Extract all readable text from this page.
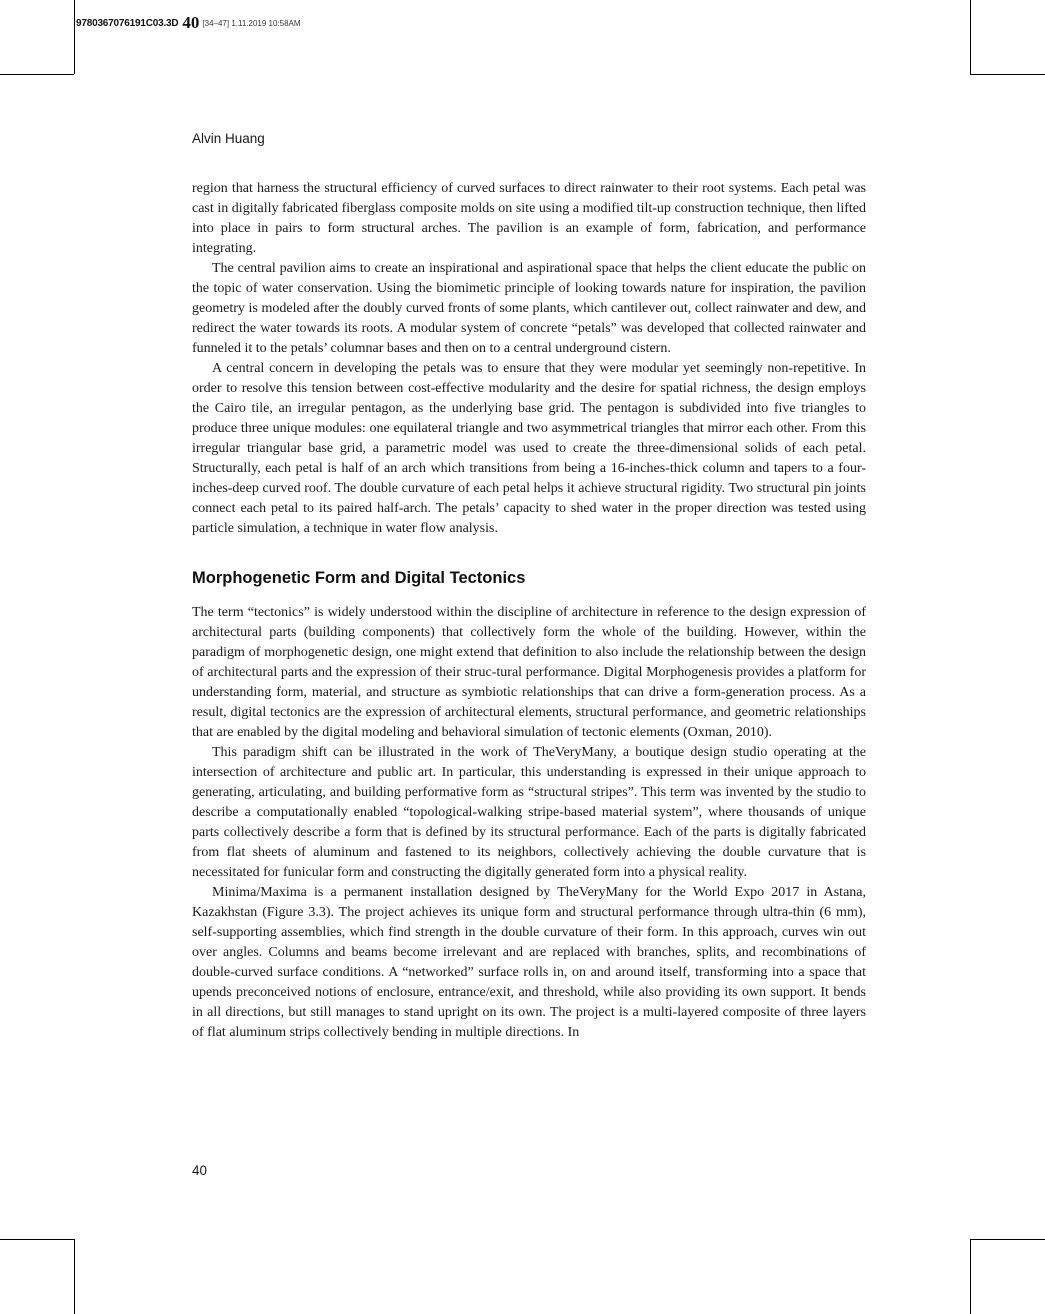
9780367076191C03.3D 40 [34–47] 1.11.2019 10:58AM
Alvin Huang

region that harness the structural efficiency of curved surfaces to direct rainwater to their root systems. Each petal was cast in digitally fabricated fiberglass composite molds on site using a modified tilt-up construction technique, then lifted into place in pairs to form structural arches. The pavilion is an example of form, fabrication, and performance integrating.

The central pavilion aims to create an inspirational and aspirational space that helps the client educate the public on the topic of water conservation. Using the biomimetic principle of looking towards nature for inspiration, the pavilion geometry is modeled after the doubly curved fronts of some plants, which cantilever out, collect rainwater and dew, and redirect the water towards its roots. A modular system of concrete “petals” was developed that collected rainwater and funneled it to the petals’ columnar bases and then on to a central underground cistern.

A central concern in developing the petals was to ensure that they were modular yet seemingly non-repetitive. In order to resolve this tension between cost-effective modularity and the desire for spatial richness, the design employs the Cairo tile, an irregular pentagon, as the underlying base grid. The pentagon is subdivided into five triangles to produce three unique modules: one equilateral triangle and two asymmetrical triangles that mirror each other. From this irregular triangular base grid, a parametric model was used to create the three-dimensional solids of each petal. Structurally, each petal is half of an arch which transitions from being a 16-inches-thick column and tapers to a four-inches-deep curved roof. The double curvature of each petal helps it achieve structural rigidity. Two structural pin joints connect each petal to its paired half-arch. The petals’ capacity to shed water in the proper direction was tested using particle simulation, a technique in water flow analysis.

Morphogenetic Form and Digital Tectonics

The term “tectonics” is widely understood within the discipline of architecture in reference to the design expression of architectural parts (building components) that collectively form the whole of the building. However, within the paradigm of morphogenetic design, one might extend that definition to also include the relationship between the design of architectural parts and the expression of their struc-tural performance. Digital Morphogenesis provides a platform for understanding form, material, and structure as symbiotic relationships that can drive a form-generation process. As a result, digital tectonics are the expression of architectural elements, structural performance, and geometric relationships that are enabled by the digital modeling and behavioral simulation of tectonic elements (Oxman, 2010).

This paradigm shift can be illustrated in the work of TheVeryMany, a boutique design studio operating at the intersection of architecture and public art. In particular, this understanding is expressed in their unique approach to generating, articulating, and building performative form as “structural stripes”. This term was invented by the studio to describe a computationally enabled “topological-walking stripe-based material system”, where thousands of unique parts collectively describe a form that is defined by its structural performance. Each of the parts is digitally fabricated from flat sheets of aluminum and fastened to its neighbors, collectively achieving the double curvature that is necessitated for funicular form and constructing the digitally generated form into a physical reality.

Minima/Maxima is a permanent installation designed by TheVeryMany for the World Expo 2017 in Astana, Kazakhstan (Figure 3.3). The project achieves its unique form and structural performance through ultra-thin (6 mm), self-supporting assemblies, which find strength in the double curvature of their form. In this approach, curves win out over angles. Columns and beams become irrelevant and are replaced with branches, splits, and recombinations of double-curved surface conditions. A “networked” surface rolls in, on and around itself, transforming into a space that upends preconceived notions of enclosure, entrance/exit, and threshold, while also providing its own support. It bends in all directions, but still manages to stand upright on its own. The project is a multi-layered composite of three layers of flat aluminum strips collectively bending in multiple directions. In

40
